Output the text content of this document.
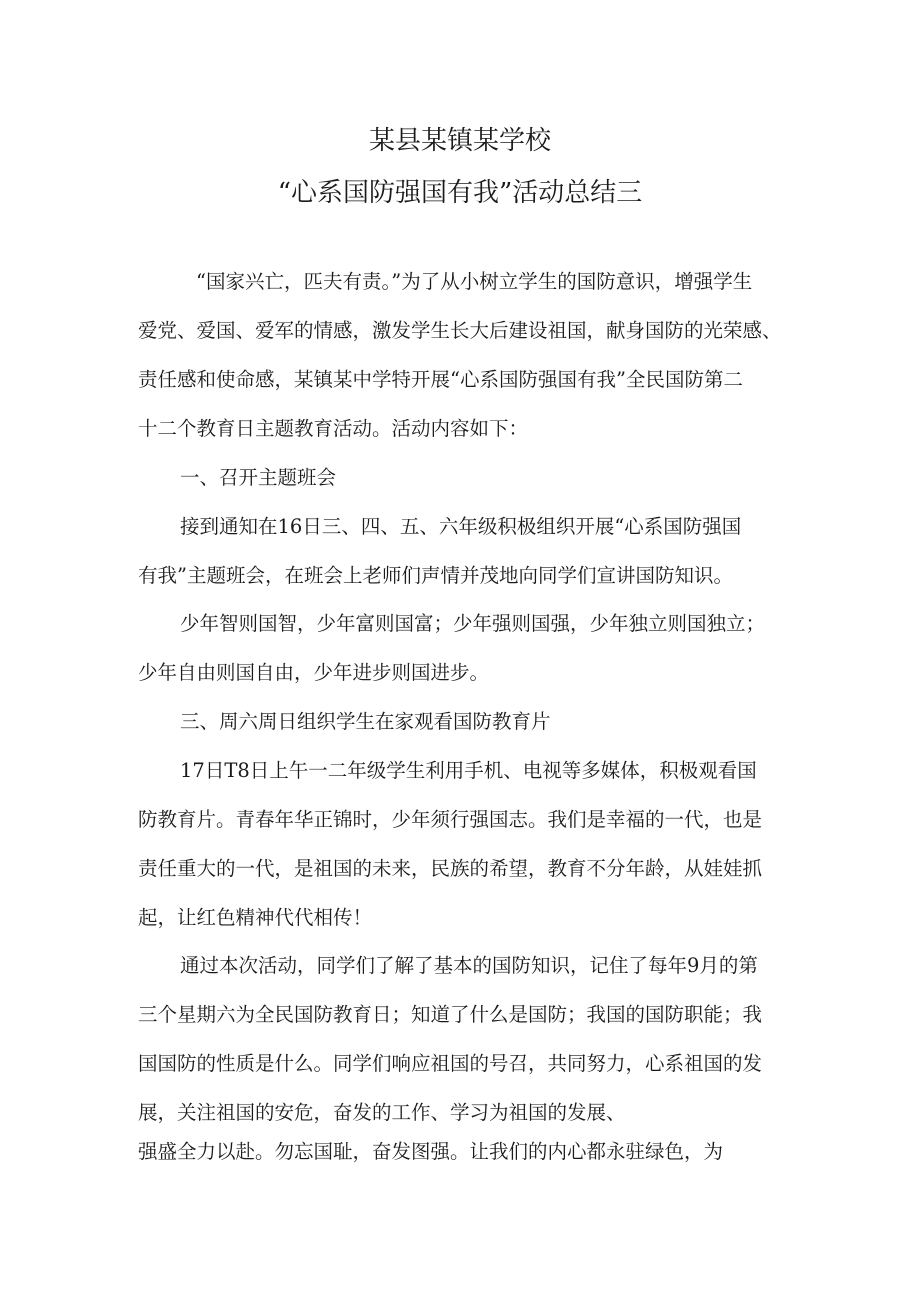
某县某镇某学校
“心系国防强国有我”活动总结三
“国家兴亡，匹夫有责。”为了从小树立学生的国防意识，增强学生
爱党、爱国、爱军的情感，激发学生长大后建设祖国，献身国防的光荣感、
责任感和使命感，某镇某中学特开展“心系国防强国有我”全民国防第二
十二个教育日主题教育活动。活动内容如下：
一、召开主题班会
接到通知在16日三、四、五、六年级积极组织开展“心系国防强国
有我”主题班会，在班会上老师们声情并茂地向同学们宣讲国防知识。
少年智则国智，少年富则国富；少年强则国强，少年独立则国独立；
少年自由则国自由，少年进步则国进步。
三、周六周日组织学生在家观看国防教育片
17日T8日上午一二年级学生利用手机、电视等多媒体，积极观看国
防教育片。青春年华正锦时，少年须行强国志。我们是幸福的一代，也是
责任重大的一代，是祖国的未来，民族的希望，教育不分年龄，从娃娃抓
起，让红色精神代代相传！
通过本次活动，同学们了解了基本的国防知识，记住了每年9月的第
三个星期六为全民国防教育日；知道了什么是国防；我国的国防职能；我
国国防的性质是什么。同学们响应祖国的号召，共同努力，心系祖国的发
展，关注祖国的安危，奋发的工作、学习为祖国的发展、
强盛全力以赴。勿忘国耻，奋发图强。让我们的内心都永驻绿色，为
